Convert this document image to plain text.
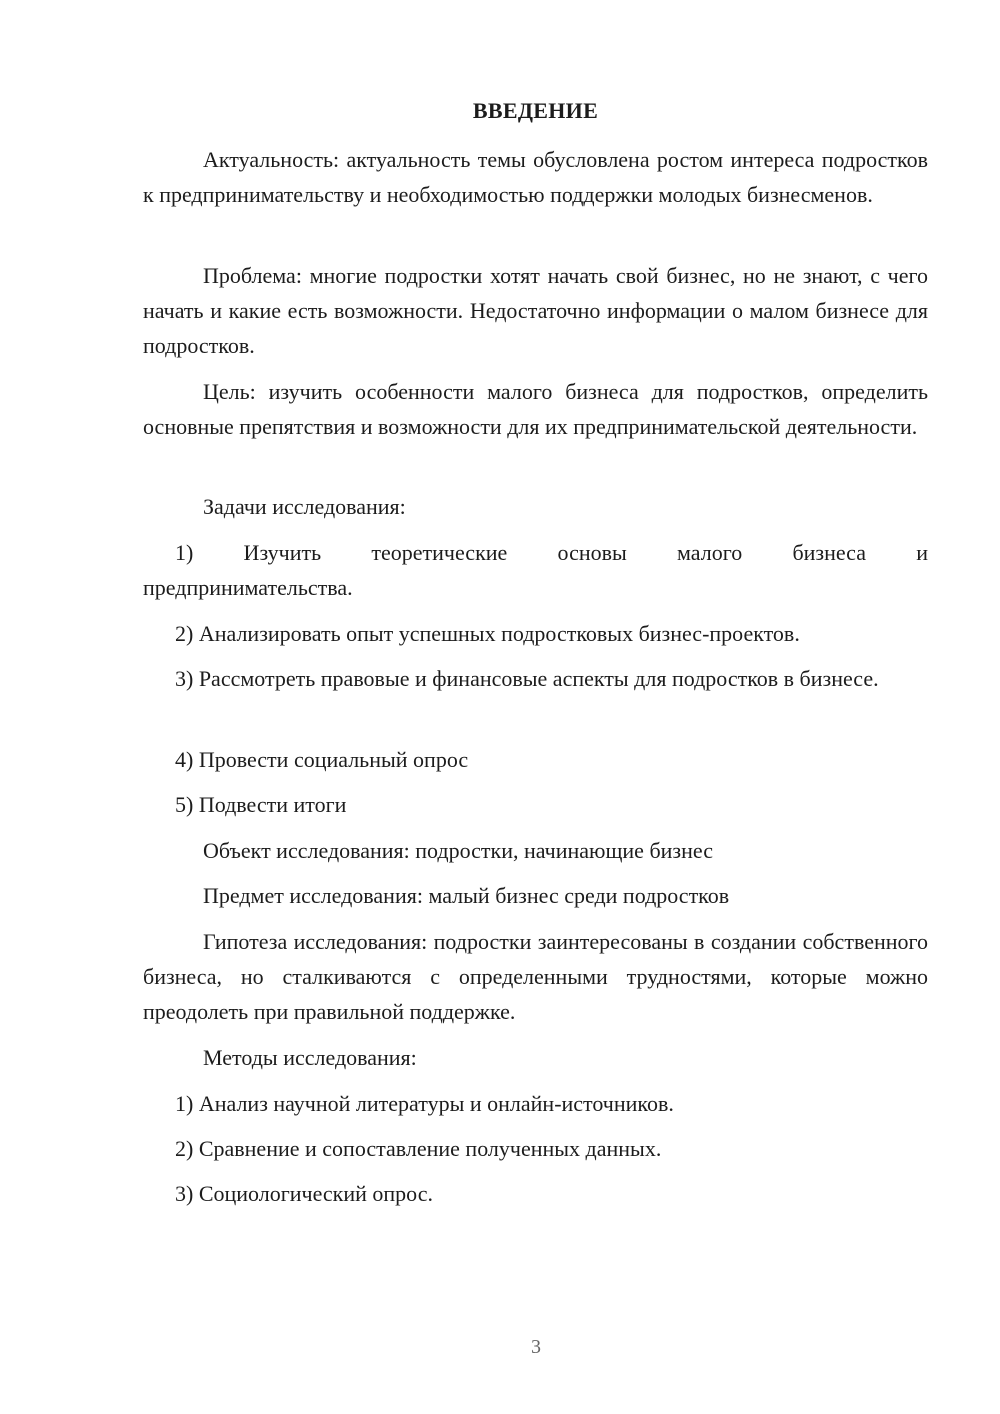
ВВЕДЕНИЕ

Актуальность: актуальность темы обусловлена ростом интереса подростков к предпринимательству и необходимостью поддержки молодых бизнесменов.

Проблема: многие подростки хотят начать свой бизнес, но не знают, с чего начать и какие есть возможности. Недостаточно информации о малом бизнесе для подростков.

Цель: изучить особенности малого бизнеса для подростков, определить основные препятствия и возможности для их предпринимательской деятельности.

Задачи исследования:

1) Изучить теоретические основы малого бизнеса и предпринимательства.

2) Анализировать опыт успешных подростковых бизнес-проектов.

3) Рассмотреть правовые и финансовые аспекты для подростков в бизнесе.

4) Провести социальный опрос

5) Подвести итоги

Объект исследования: подростки, начинающие бизнес

Предмет исследования: малый бизнес среди подростков

Гипотеза исследования: подростки заинтересованы в создании собственного бизнеса, но сталкиваются с определенными трудностями, которые можно преодолеть при правильной поддержке.

Методы исследования:

1) Анализ научной литературы и онлайн-источников.

2) Сравнение и сопоставление полученных данных.

3) Социологический опрос.

3
